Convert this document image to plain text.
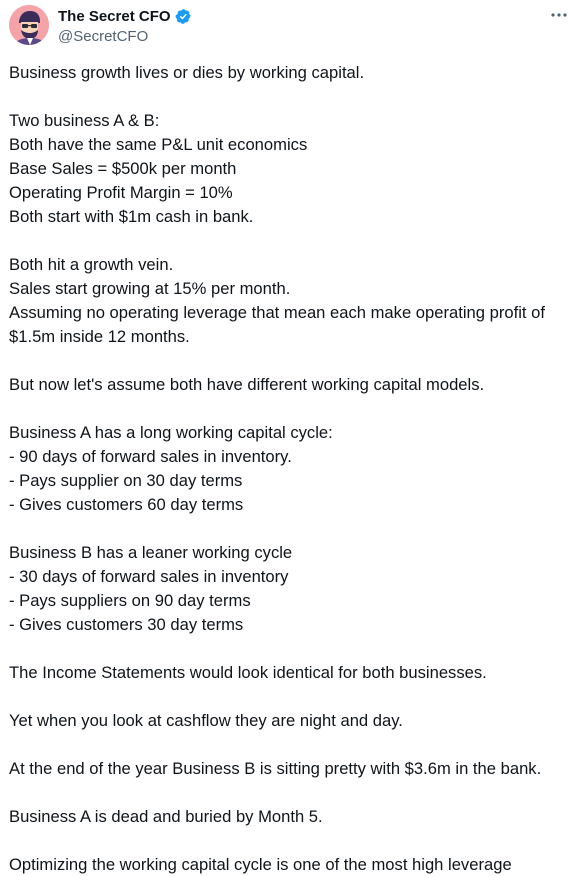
The Secret CFO
@SecretCFO
Business growth lives or dies by working capital.
Two business A & B:
Both have the same P&L unit economics
Base Sales = $500k per month
Operating Profit Margin = 10%
Both start with $1m cash in bank.
Both hit a growth vein.
Sales start growing at 15% per month.
Assuming no operating leverage that mean each make operating profit of
$1.5m inside 12 months.
But now let's assume both have different working capital models.
Business A has a long working capital cycle:
- 90 days of forward sales in inventory.
- Pays supplier on 30 day terms
- Gives customers 60 day terms
Business B has a leaner working cycle
- 30 days of forward sales in inventory
- Pays suppliers on 90 day terms
- Gives customers 30 day terms
The Income Statements would look identical for both businesses.
Yet when you look at cashflow they are night and day.
At the end of the year Business B is sitting pretty with $3.6m in the bank.
Business A is dead and buried by Month 5.
Optimizing the working capital cycle is one of the most high leverage
